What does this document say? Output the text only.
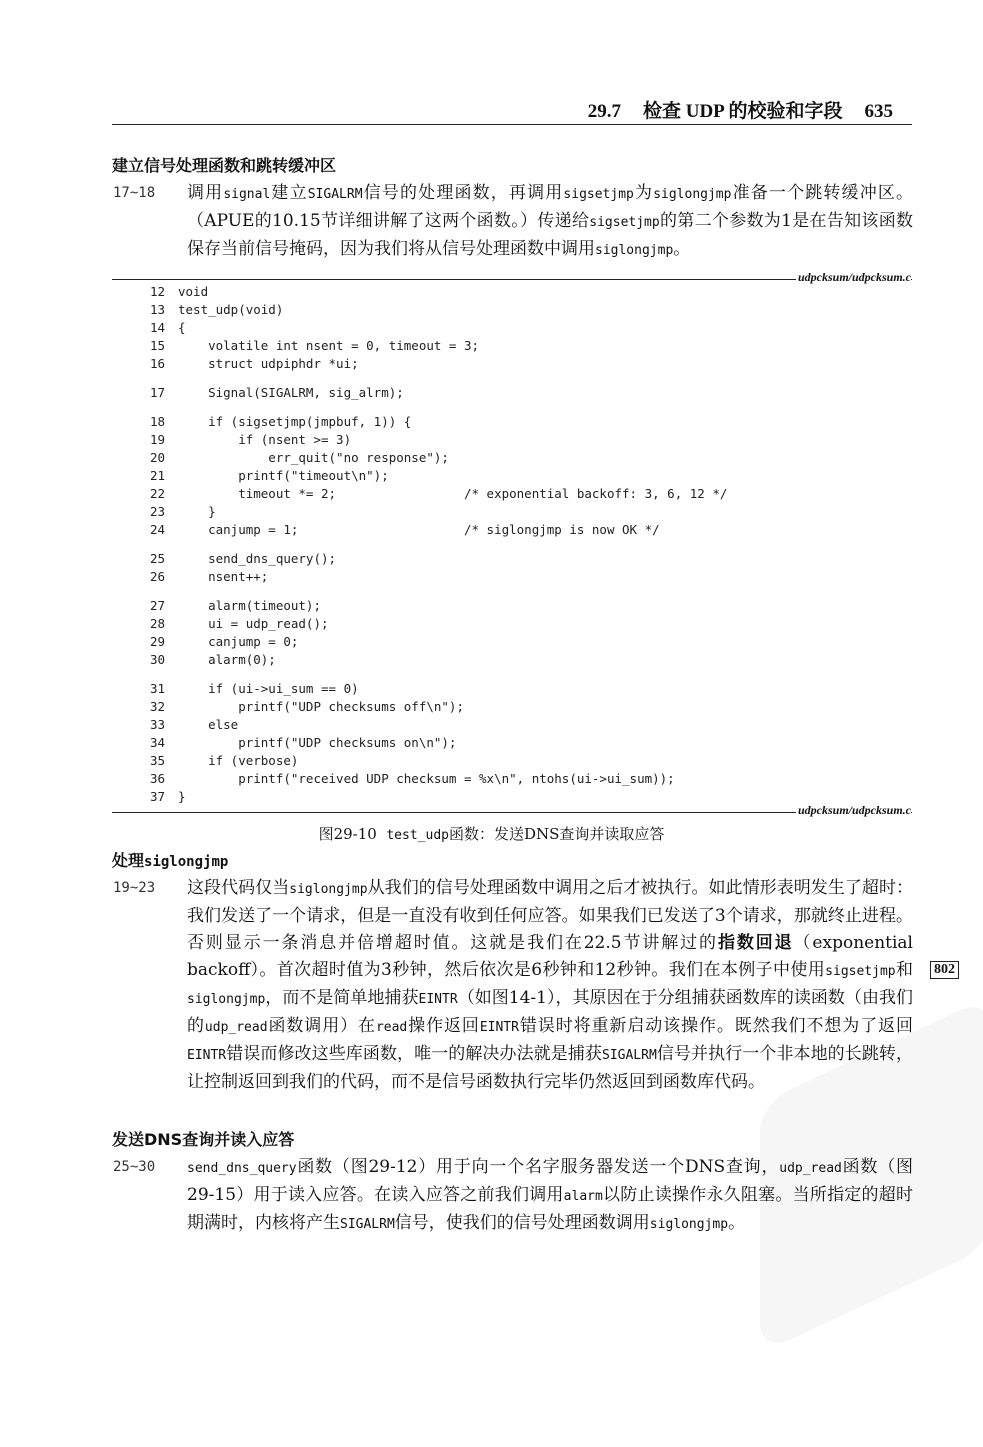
29.7 检查 UDP 的校验和字段 635
建立信号处理函数和跳转缓冲区
17~18 调用signal建立SIGALRM信号的处理函数，再调用sigsetjmp为siglongjmp准备一个跳转缓冲区。（APUE的10.15节详细讲解了这两个函数。）传递给sigsetjmp的第二个参数为1是在告知该函数保存当前信号掩码，因为我们将从信号处理函数中调用siglongjmp。
udpcksum/udpcksum.c
12 void
13 test_udp(void)
14 {
15    volatile int nsent = 0, timeout = 3;
16    struct udpiphdr *ui;
17    Signal(SIGALRM, sig_alrm);
18    if (sigsetjmp(jmpbuf, 1)) {
19        if (nsent >= 3)
20            err_quit("no response");
21        printf("timeout\n");
22        timeout *= 2;                 /* exponential backoff: 3, 6, 12 */
23    }
24    canjump = 1;                      /* siglongjmp is now OK */
25    send_dns_query();
26    nsent++;
27    alarm(timeout);
28    ui = udp_read();
29    canjump = 0;
30    alarm(0);
31    if (ui->ui_sum == 0)
32        printf("UDP checksums off\n");
33    else
34        printf("UDP checksums on\n");
35    if (verbose)
36        printf("received UDP checksum = %x\n", ntohs(ui->ui_sum));
37 }
udpcksum/udpcksum.c
图29-10 test_udp函数：发送DNS查询并读取应答
处理siglongjmp
19~23 这段代码仅当siglongjmp从我们的信号处理函数中调用之后才被执行。如此情形表明发生了超时：我们发送了一个请求，但是一直没有收到任何应答。如果我们已发送了3个请求，那就终止进程。否则显示一条消息并倍增超时值。这就是我们在22.5节讲解过的指数回退（exponential backoff）。首次超时值为3秒钟，然后依次是6秒钟和12秒钟。我们在本例子中使用sigsetjmp和siglongjmp，而不是简单地捕获EINTR（如图14-1），其原因在于分组捕获函数库的读函数（由我们的udp_read函数调用）在read操作返回EINTR错误时将重新启动该操作。既然我们不想为了返回EINTR错误而修改这些库函数，唯一的解决办法就是捕获SIGALRM信号并执行一个非本地的长跳转，让控制返回到我们的代码，而不是信号函数执行完毕仍然返回到函数库代码。
802
发送DNS查询并读入应答
25~30 send_dns_query函数（图29-12）用于向一个名字服务器发送一个DNS查询，udp_read函数（图29-15）用于读入应答。在读入应答之前我们调用alarm以防止读操作永久阻塞。当所指定的超时期满时，内核将产生SIGALRM信号，使我们的信号处理函数调用siglongjmp。
